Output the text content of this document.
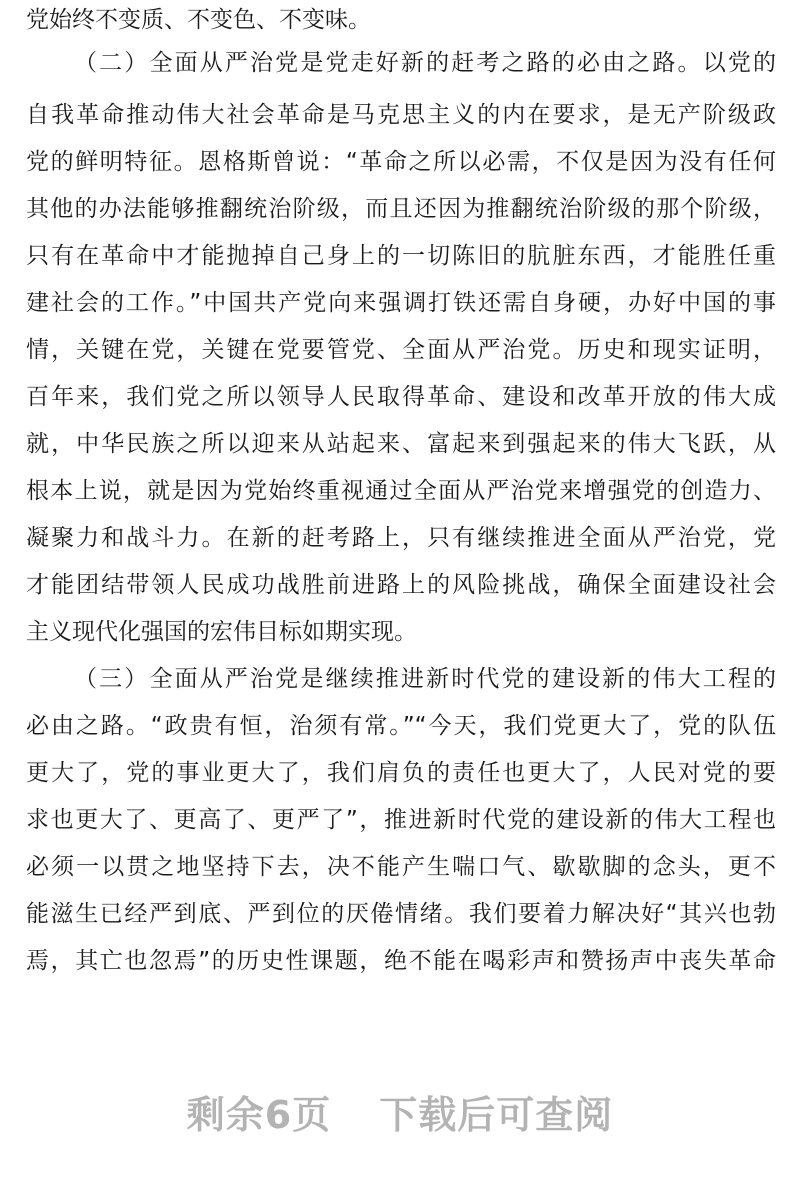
党始终不变质、不变色、不变味。
（二）全面从严治党是党走好新的赶考之路的必由之路。以党的
自我革命推动伟大社会革命是马克思主义的内在要求，是无产阶级政
党的鲜明特征。恩格斯曾说：“革命之所以必需，不仅是因为没有任何
其他的办法能够推翻统治阶级，而且还因为推翻统治阶级的那个阶级，
只有在革命中才能抛掉自己身上的一切陈旧的肮脏东西，才能胜任重
建社会的工作。”中国共产党向来强调打铁还需自身硬，办好中国的事
情，关键在党，关键在党要管党、全面从严治党。历史和现实证明，
百年来，我们党之所以领导人民取得革命、建设和改革开放的伟大成
就，中华民族之所以迎来从站起来、富起来到强起来的伟大飞跃，从
根本上说，就是因为党始终重视通过全面从严治党来增强党的创造力、
凝聚力和战斗力。在新的赶考路上，只有继续推进全面从严治党，党
才能团结带领人民成功战胜前进路上的风险挑战，确保全面建设社会
主义现代化强国的宏伟目标如期实现。
（三）全面从严治党是继续推进新时代党的建设新的伟大工程的
必由之路。“政贵有恒，治须有常。”“今天，我们党更大了，党的队伍
更大了，党的事业更大了，我们肩负的责任也更大了，人民对党的要
求也更大了、更高了、更严了”，推进新时代党的建设新的伟大工程也
必须一以贯之地坚持下去，决不能产生喘口气、歇歇脚的念头，更不
能滋生已经严到底、严到位的厌倦情绪。我们要着力解决好“其兴也勃
焉，其亡也忽焉”的历史性课题，绝不能在喝彩声和赞扬声中丧失革命
剩余6页 下载后可查阅
